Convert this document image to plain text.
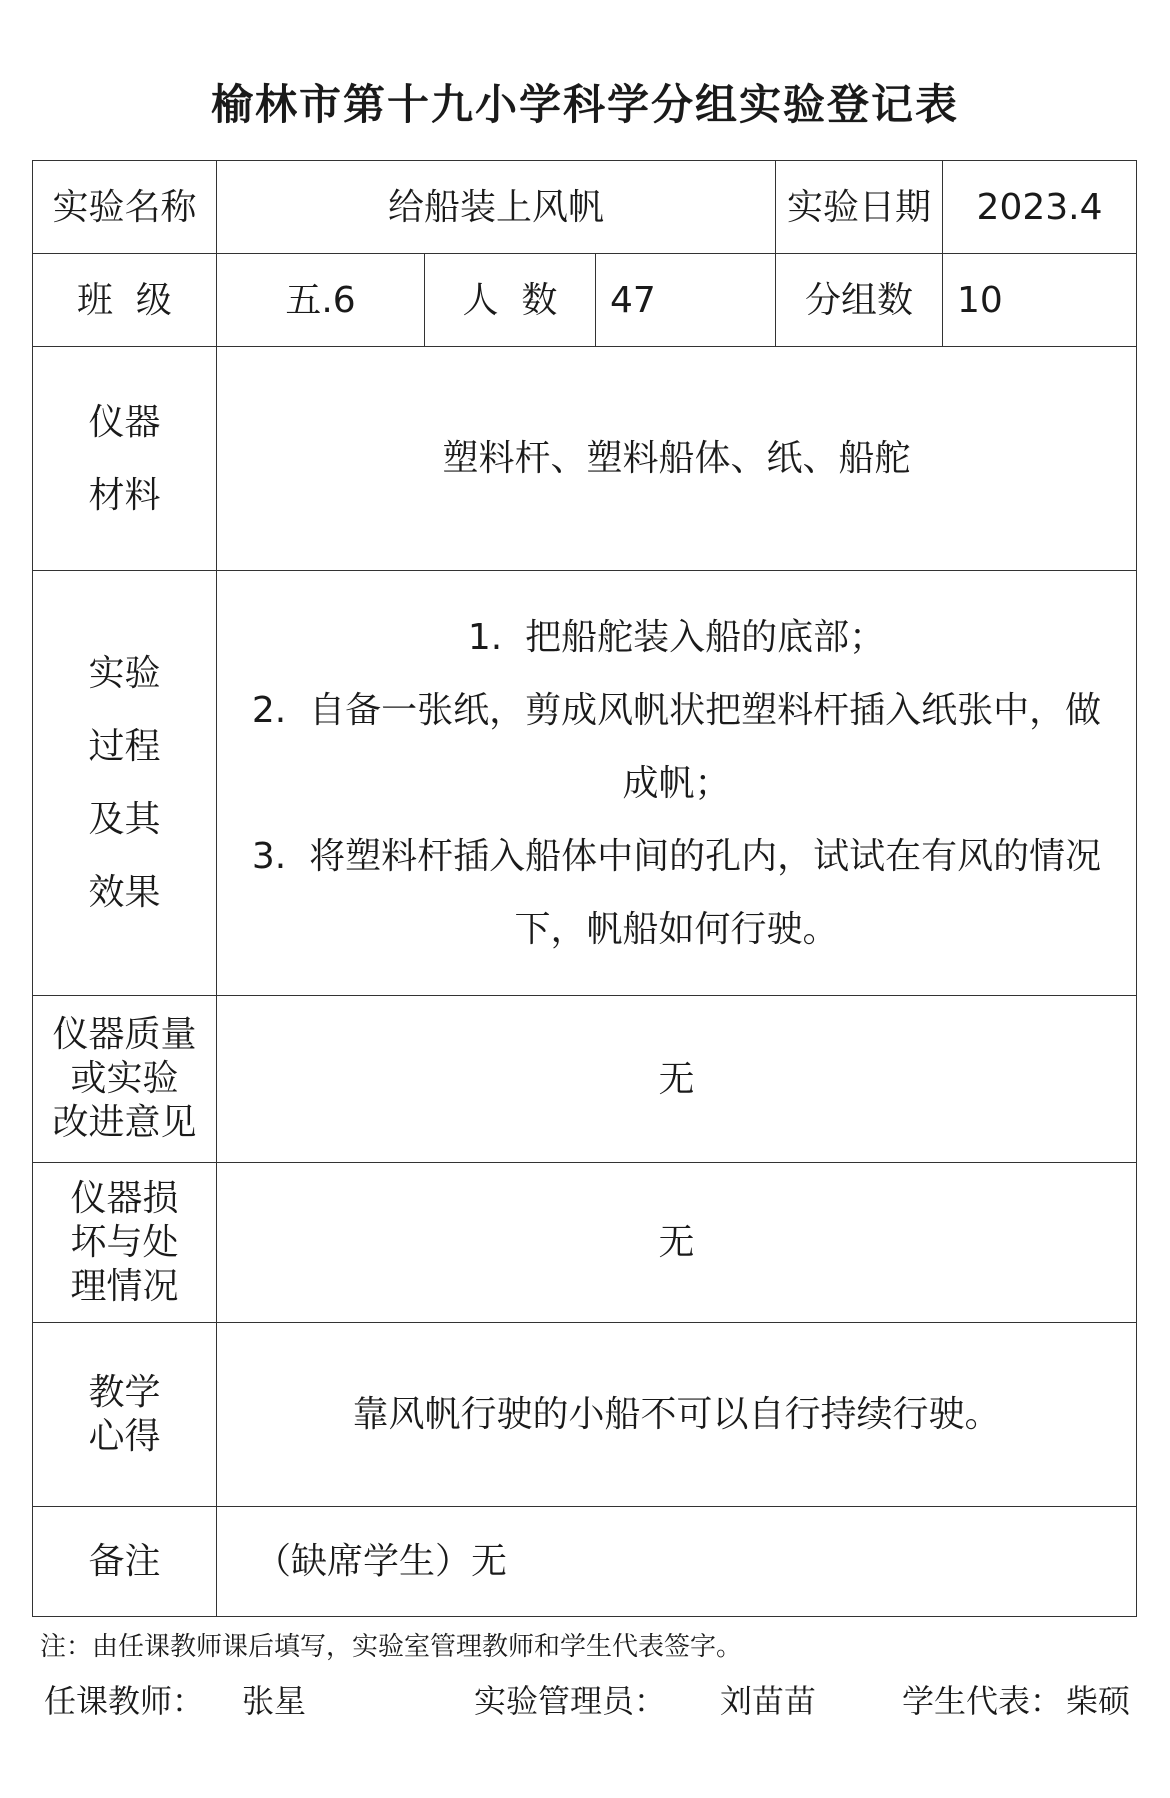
榆林市第十九小学科学分组实验登记表
实验名称	给船装上风帆			实验日期	2023.4
班  级	五.6	人  数	47	分组数	10

仪器
材料	塑料杆、塑料船体、纸、船舵				

实验
过程
及其
效果	1.  把船舵装入船的底部；
2.  自备一张纸，剪成风帆状把塑料杆插入纸张中，做
成帆；
3.  将塑料杆插入船体中间的孔内，试试在有风的情况
下，帆船如何行驶。				

仪器质量
或实验
改进意见	无				

仪器损
坏与处
理情况	无				

教学
心得	靠风帆行驶的小船不可以自行持续行驶。				
备注	（缺席学生）无				
注：由任课教师课后填写，实验室管理教师和学生代表签字。
任课教师： 张星	实验管理员： 刘苗苗	学生代表： 柴硕
